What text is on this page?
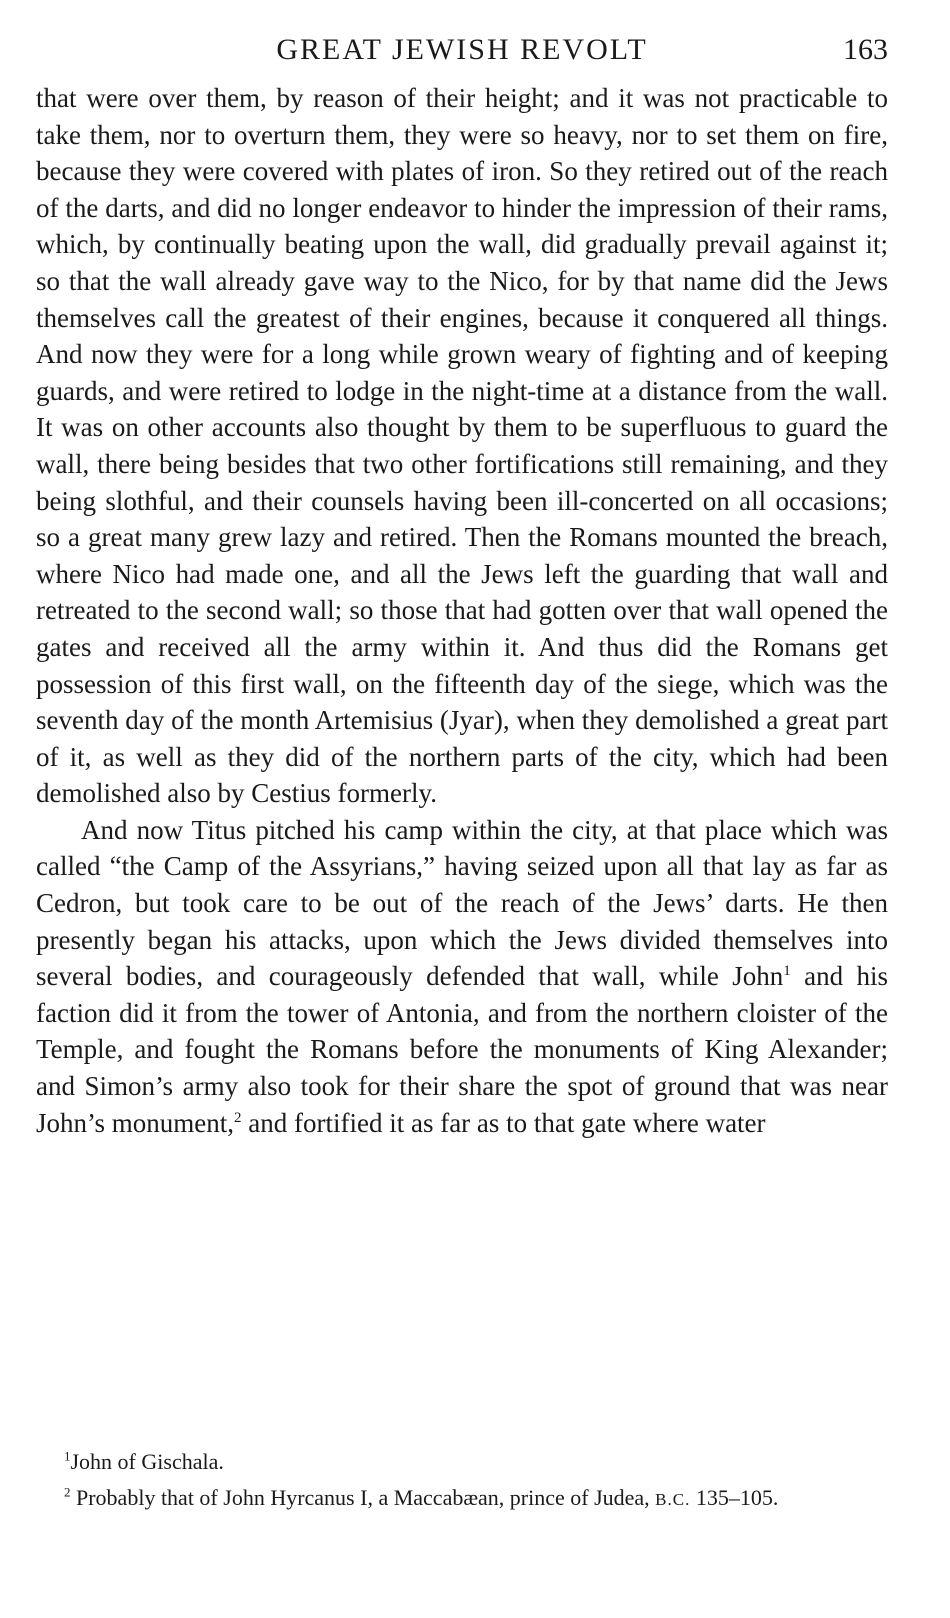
GREAT JEWISH REVOLT	163

that were over them, by reason of their height; and it was not practicable to take them, nor to overturn them, they were so heavy, nor to set them on fire, because they were covered with plates of iron. So they retired out of the reach of the darts, and did no longer endeavor to hinder the impression of their rams, which, by continually beating upon the wall, did gradually prevail against it; so that the wall already gave way to the Nico, for by that name did the Jews themselves call the greatest of their engines, because it conquered all things. And now they were for a long while grown weary of fighting and of keeping guards, and were retired to lodge in the night-time at a distance from the wall. It was on other accounts also thought by them to be superfluous to guard the wall, there being besides that two other fortifications still remaining, and they being slothful, and their counsels having been ill-concerted on all occasions; so a great many grew lazy and retired. Then the Romans mounted the breach, where Nico had made one, and all the Jews left the guarding that wall and retreated to the second wall; so those that had gotten over that wall opened the gates and received all the army within it. And thus did the Romans get possession of this first wall, on the fifteenth day of the siege, which was the seventh day of the month Artemisius (Jyar), when they demolished a great part of it, as well as they did of the northern parts of the city, which had been demolished also by Cestius formerly.

And now Titus pitched his camp within the city, at that place which was called “the Camp of the Assyrians,” having seized upon all that lay as far as Cedron, but took care to be out of the reach of the Jews’ darts. He then presently began his attacks, upon which the Jews divided themselves into several bodies, and courageously defended that wall, while John$^1$ and his faction did it from the tower of Antonia, and from the northern cloister of the Temple, and fought the Romans before the monuments of King Alexander; and Simon’s army also took for their share the spot of ground that was near John’s monument,$^2$ and fortified it as far as to that gate where water

$^1$John of Gischala.

$^2$ Probably that of John Hyrcanus I, a Maccabæan, prince of Judea, B.C. 135–105.
